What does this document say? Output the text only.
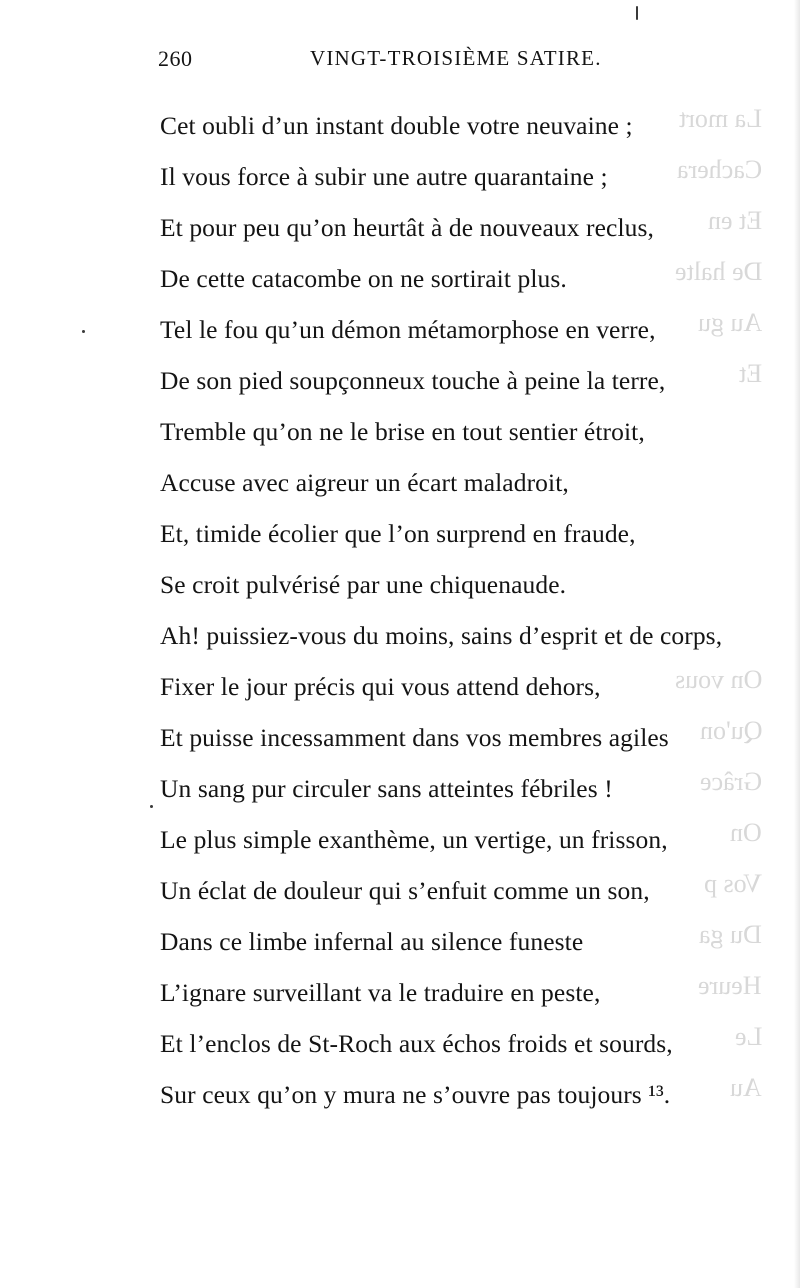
La mort
Cachera
Et en
De halte
Au gu
Et
On vous
Qu'on
Grâce
On
Vos p
Du ga
Heure
Le
Au
260	VINGT-TROISIÈME SATIRE.
Cet oubli d’un instant double votre neuvaine ;
Il vous force à subir une autre quarantaine ;
Et pour peu qu’on heurtât à de nouveaux reclus,
De cette catacombe on ne sortirait plus.
Tel le fou qu’un démon métamorphose en verre,
De son pied soupçonneux touche à peine la terre,
Tremble qu’on ne le brise en tout sentier étroit,
Accuse avec aigreur un écart maladroit,
Et, timide écolier que l’on surprend en fraude,
Se croit pulvérisé par une chiquenaude.
Ah! puissiez-vous du moins, sains d’esprit et de corps,
Fixer le jour précis qui vous attend dehors,
Et puisse incessamment dans vos membres agiles
Un sang pur circuler sans atteintes fébriles !
Le plus simple exanthème, un vertige, un frisson,
Un éclat de douleur qui s’enfuit comme un son,
Dans ce limbe infernal au silence funeste
L’ignare surveillant va le traduire en peste,
Et l’enclos de St-Roch aux échos froids et sourds,
Sur ceux qu’on y mura ne s’ouvre pas toujours ¹³.
